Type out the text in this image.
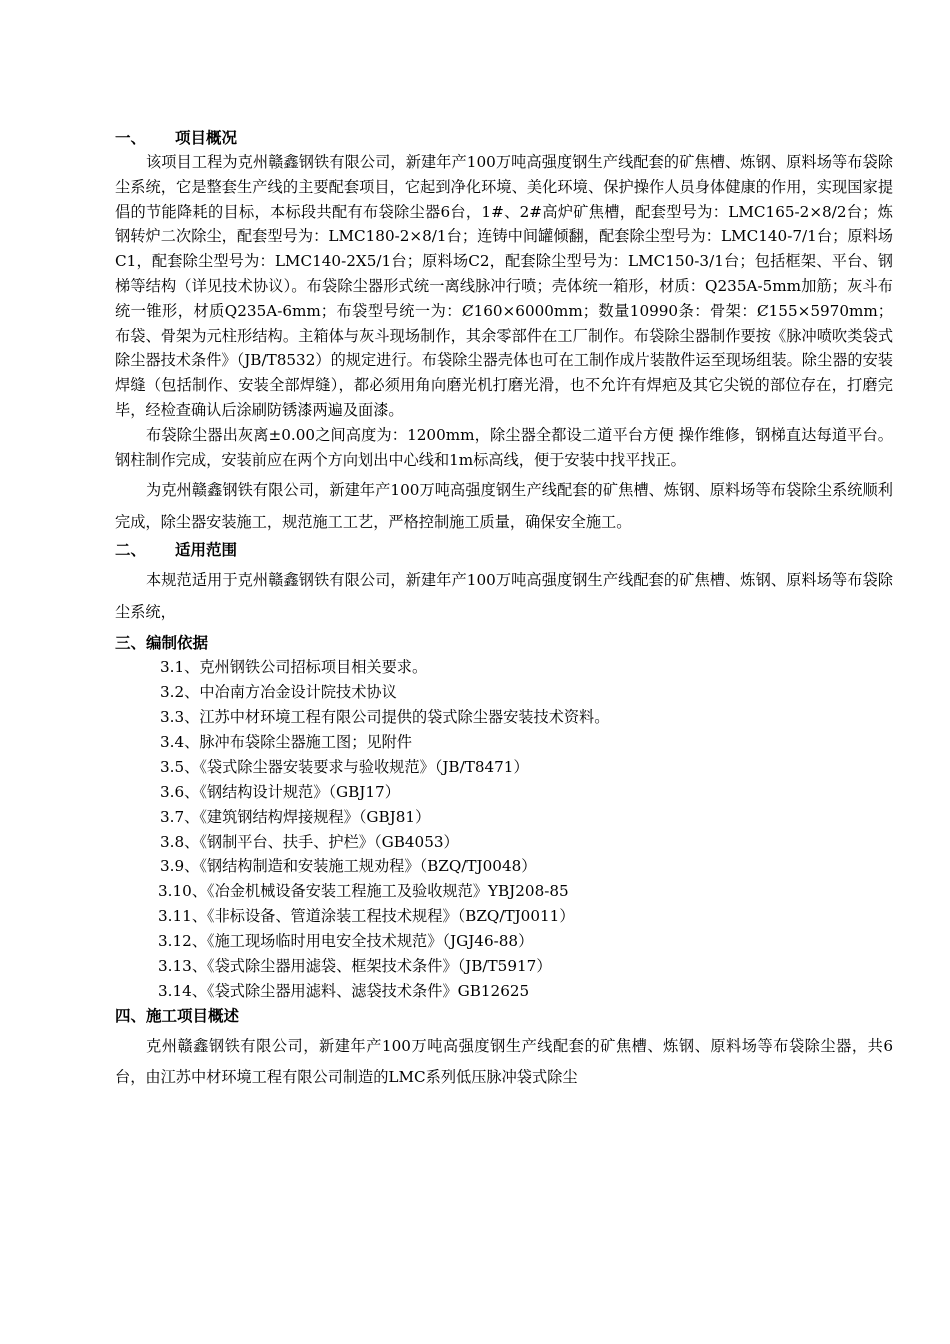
一、 项目概况

该项目工程为克州赣鑫钢铁有限公司，新建年产100万吨高强度钢生产线配套的矿焦槽、炼钢、原料场等布袋除尘系统，它是整套生产线的主要配套项目，它起到净化环境、美化环境、保护操作人员身体健康的作用，实现国家提倡的节能降耗的目标，本标段共配有布袋除尘器6台，1#、2#高炉矿焦槽，配套型号为：LMC165-2×8/2台；炼钢转炉二次除尘，配套型号为：LMC180-2×8/1台；连铸中间罐倾翻，配套除尘型号为：LMC140-7/1台；原料场C1，配套除尘型号为：LMC140-2X5/1台；原料场C2，配套除尘型号为：LMC150-3/1台；包括框架、平台、钢梯等结构（详见技术协议）。布袋除尘器形式统一离线脉冲行喷；壳体统一箱形，材质：Q235A-5mm加筋；灰斗布统一锥形，材质Q235A-6mm；布袋型号统一为：Ȼ160×6000mm；数量10990条：骨架：Ȼ155×5970mm；布袋、骨架为元柱形结构。主箱体与灰斗现场制作，其余零部件在工厂制作。布袋除尘器制作要按《脉冲喷吹类袋式除尘器技术条件》（JB/T8532）的规定进行。布袋除尘器壳体也可在工制作成片装散件运至现场组装。除尘器的安装焊缝（包括制作、安装全部焊缝），都必须用角向磨光机打磨光滑，也不允许有焊疤及其它尖锐的部位存在，打磨完毕，经检查确认后涂刷防锈漆两遍及面漆。

布袋除尘器出灰离±0.00之间高度为：1200mm，除尘器全都设二道平台方便 操作维修，钢梯直达每道平台。钢柱制作完成，安装前应在两个方向划出中心线和1m标高线，便于安装中找平找正。

为克州赣鑫钢铁有限公司，新建年产100万吨高强度钢生产线配套的矿焦槽、炼钢、原料场等布袋除尘系统顺利完成，除尘器安装施工，规范施工工艺，严格控制施工质量，确保安全施工。

二、 适用范围

本规范适用于克州赣鑫钢铁有限公司，新建年产100万吨高强度钢生产线配套的矿焦槽、炼钢、原料场等布袋除尘系统，

三、编制依据
3.1、克州钢铁公司招标项目相关要求。
3.2、中冶南方冶金设计院技术协议
3.3、江苏中材环境工程有限公司提供的袋式除尘器安装技术资料。
3.4、脉冲布袋除尘器施工图；见附件
3.5、《袋式除尘器安装要求与验收规范》（JB/T8471）
3.6、《钢结构设计规范》（GBJ17）
3.7、《建筑钢结构焊接规程》（GBJ81）
3.8、《钢制平台、扶手、护栏》（GB4053）
3.9、《钢结构制造和安装施工规劝程》（BZQ/TJ0048）
3.10、《冶金机械设备安装工程施工及验收规范》YBJ208-85
3.11、《非标设备、管道涂装工程技术规程》（BZQ/TJ0011）
3.12、《施工现场临时用电安全技术规范》（JGJ46-88）
3.13、《袋式除尘器用滤袋、框架技术条件》（JB/T5917）
3.14、《袋式除尘器用滤料、滤袋技术条件》GB12625
四、施工项目概述

克州赣鑫钢铁有限公司，新建年产100万吨高强度钢生产线配套的矿焦槽、炼钢、原料场等布袋除尘器，共6台，由江苏中材环境工程有限公司制造的LMC系列低压脉冲袋式除尘
